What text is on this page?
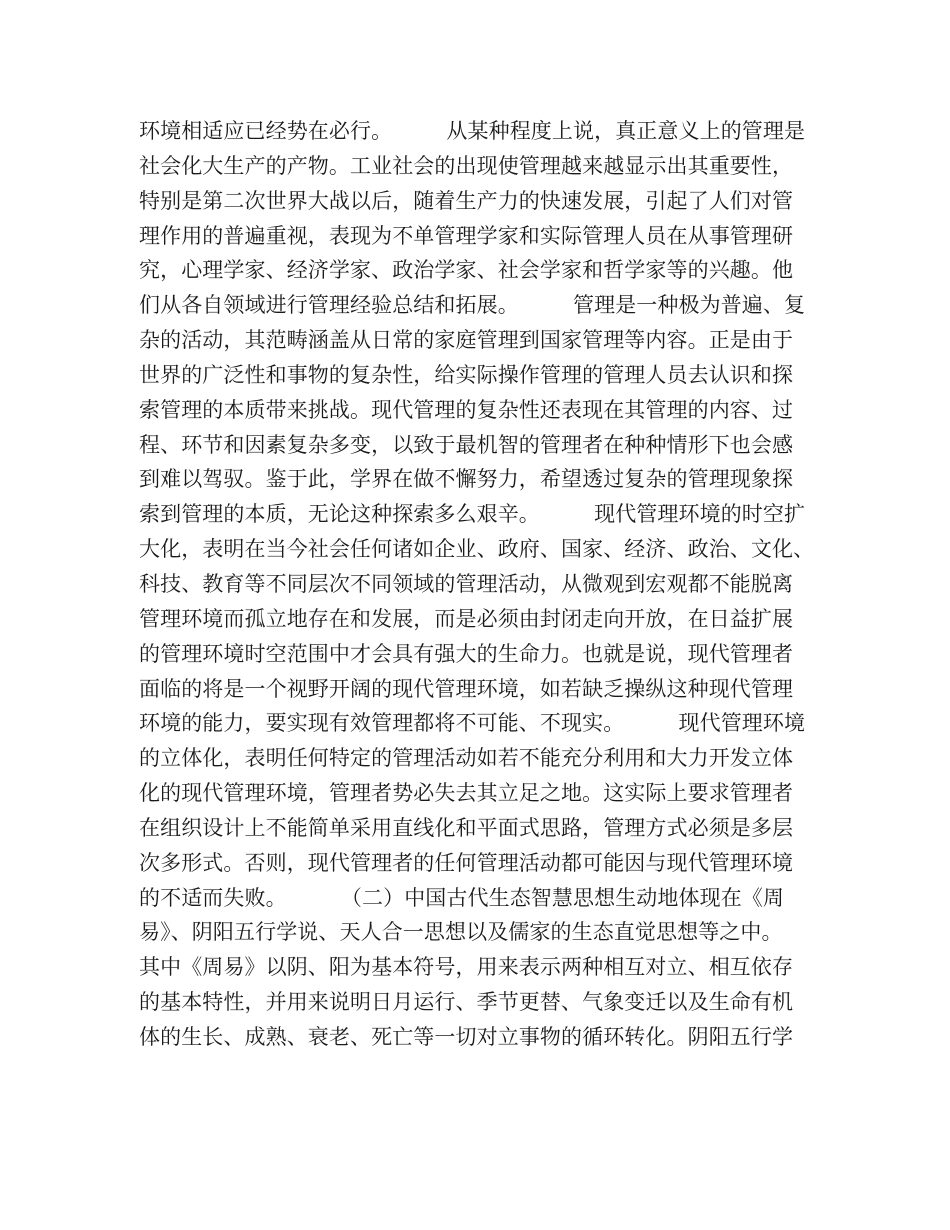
环境相适应已经势在必行。        从某种程度上说，真正意义上的管理是
社会化大生产的产物。工业社会的出现使管理越来越显示出其重要性，
特别是第二次世界大战以后，随着生产力的快速发展，引起了人们对管
理作用的普遍重视，表现为不单管理学家和实际管理人员在从事管理研
究，心理学家、经济学家、政治学家、社会学家和哲学家等的兴趣。他
们从各自领域进行管理经验总结和拓展。        管理是一种极为普遍、复
杂的活动，其范畴涵盖从日常的家庭管理到国家管理等内容。正是由于
世界的广泛性和事物的复杂性，给实际操作管理的管理人员去认识和探
索管理的本质带来挑战。现代管理的复杂性还表现在其管理的内容、过
程、环节和因素复杂多变，以致于最机智的管理者在种种情形下也会感
到难以驾驭。鉴于此，学界在做不懈努力，希望透过复杂的管理现象探
索到管理的本质，无论这种探索多么艰辛。        现代管理环境的时空扩
大化，表明在当今社会任何诸如企业、政府、国家、经济、政治、文化、
科技、教育等不同层次不同领域的管理活动，从微观到宏观都不能脱离
管理环境而孤立地存在和发展，而是必须由封闭走向开放，在日益扩展
的管理环境时空范围中才会具有强大的生命力。也就是说，现代管理者
面临的将是一个视野开阔的现代管理环境，如若缺乏操纵这种现代管理
环境的能力，要实现有效管理都将不可能、不现实。        现代管理环境
的立体化，表明任何特定的管理活动如若不能充分利用和大力开发立体
化的现代管理环境，管理者势必失去其立足之地。这实际上要求管理者
在组织设计上不能简单采用直线化和平面式思路，管理方式必须是多层
次多形式。否则，现代管理者的任何管理活动都可能因与现代管理环境
的不适而失败。        （二）中国古代生态智慧思想生动地体现在《周
易》、阴阳五行学说、天人合一思想以及儒家的生态直觉思想等之中。
其中《周易》以阴、阳为基本符号，用来表示两种相互对立、相互依存
的基本特性，并用来说明日月运行、季节更替、气象变迁以及生命有机
体的生长、成熟、衰老、死亡等一切对立事物的循环转化。阴阳五行学
